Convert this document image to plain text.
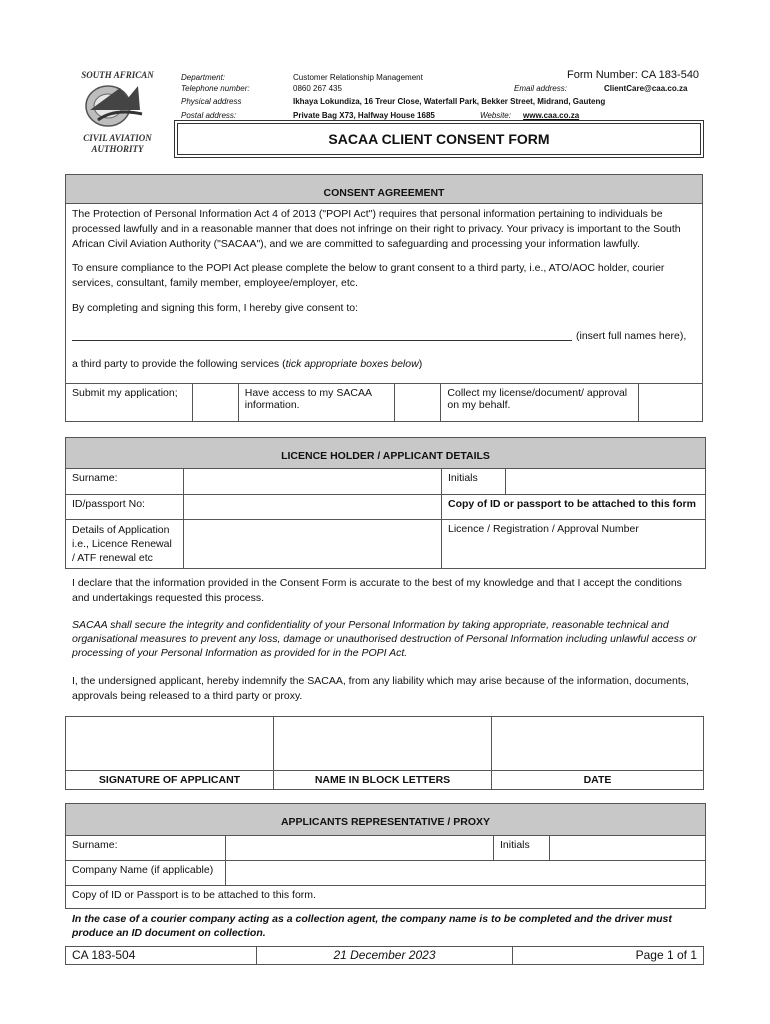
SOUTH AFRICAN
CIVIL AVIATION
AUTHORITY
Form Number: CA 183-540
Department:	Customer Relationship Management
Telephone number:	0860 267 435	Email address:	ClientCare@caa.co.za
Physical address	Ikhaya Lokundiza, 16 Treur Close, Waterfall Park, Bekker Street, Midrand, Gauteng
Postal address:	Private Bag X73, Halfway House 1685	Website: www.caa.co.za
SACAA CLIENT CONSENT FORM
CONSENT AGREEMENT
The Protection of Personal Information Act 4 of 2013 ("POPI Act") requires that personal information pertaining to individuals be processed lawfully and in a reasonable manner that does not infringe on their right to privacy. Your privacy is important to the South African Civil Aviation Authority ("SACAA"), and we are committed to safeguarding and processing your information lawfully.
To ensure compliance to the POPI Act please complete the below to grant consent to a third party, i.e., ATO/AOC holder, courier services, consultant, family member, employee/employer, etc.
By completing and signing this form, I hereby give consent to:
(insert full names here),
a third party to provide the following services (tick appropriate boxes below)
Submit my application;		Have access to my SACAA information.		Collect my license/document/ approval on my behalf.	
LICENCE HOLDER / APPLICANT DETAILS
Surname:		Initials	
ID/passport No:		Copy of ID or passport to be attached to this form	
Details of Application i.e., Licence Renewal / ATF renewal etc		Licence / Registration / Approval Number	
I declare that the information provided in the Consent Form is accurate to the best of my knowledge and that I accept the conditions and undertakings requested this process.
SACAA shall secure the integrity and confidentiality of your Personal Information by taking appropriate, reasonable technical and organisational measures to prevent any loss, damage or unauthorised destruction of Personal Information including unlawful access or processing of your Personal Information as provided for in the POPI Act.
I, the undersigned applicant, hereby indemnify the SACAA, from any liability which may arise because of the information, documents, approvals being released to a third party or proxy.

SIGNATURE OF APPLICANT	NAME IN BLOCK LETTERS	DATE
APPLICANTS REPRESENTATIVE / PROXY
Surname:		Initials	
Company Name (if applicable)			
Copy of ID or Passport is to be attached to this form.			
In the case of a courier company acting as a collection agent, the company name is to be completed and the driver must produce an ID document on collection.
CA 183-504	21 December 2023	Page 1 of 1
